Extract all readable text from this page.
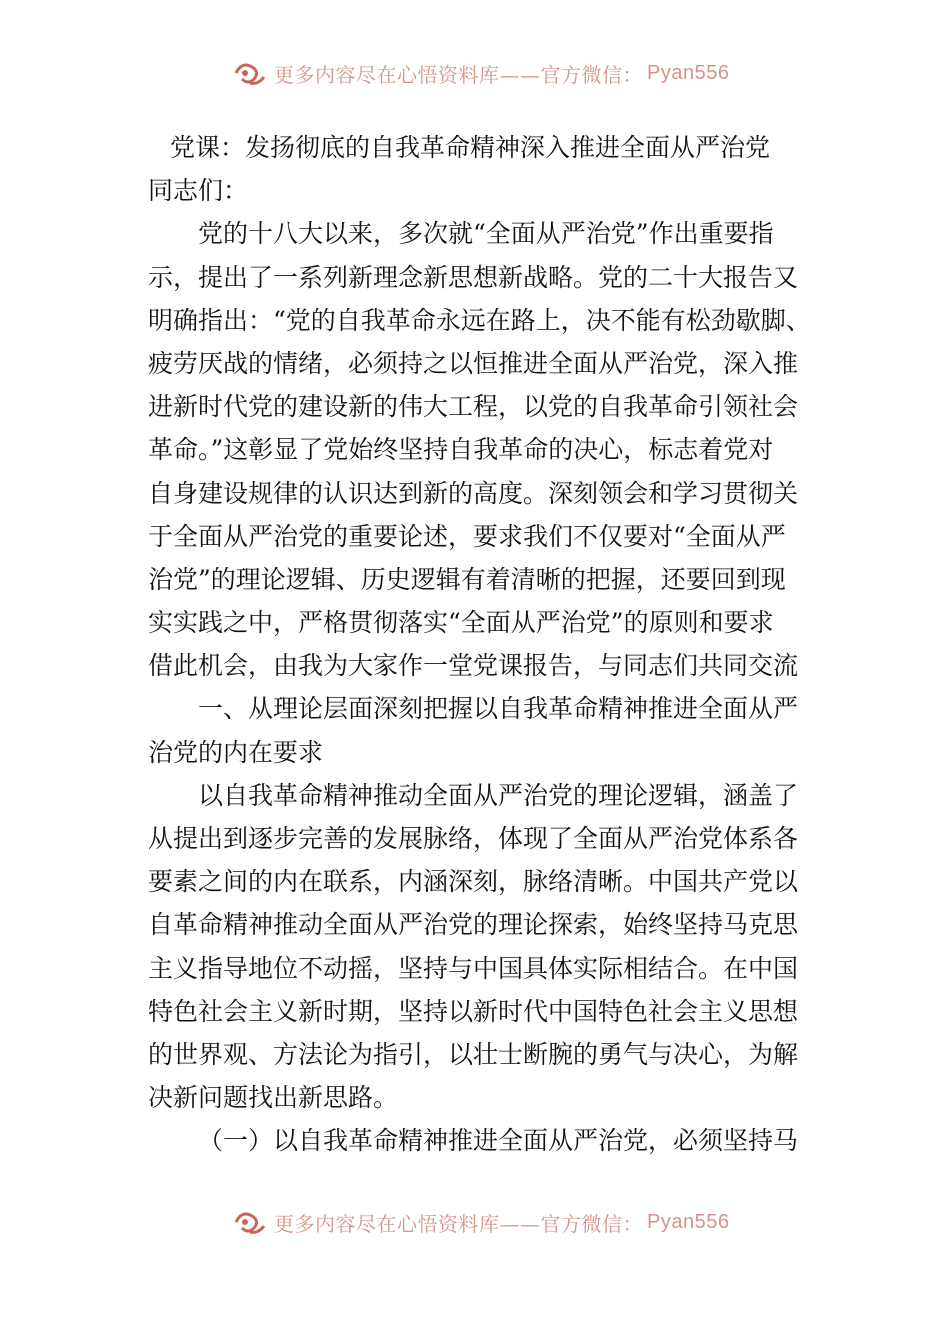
更多内容尽在心悟资料库——官方微信： Pyan556
党课：发扬彻底的自我革命精神深入推进全面从严治党
同志们：
党的十八大以来，多次就“全面从严治党”作出重要指
示，提出了一系列新理念新思想新战略。党的二十大报告又
明确指出：“党的自我革命永远在路上，决不能有松劲歇脚、
疲劳厌战的情绪，必须持之以恒推进全面从严治党，深入推
进新时代党的建设新的伟大工程，以党的自我革命引领社会
革命。”这彰显了党始终坚持自我革命的决心，标志着党对
自身建设规律的认识达到新的高度。深刻领会和学习贯彻关
于全面从严治党的重要论述，要求我们不仅要对“全面从严
治党”的理论逻辑、历史逻辑有着清晰的把握，还要回到现
实实践之中，严格贯彻落实“全面从严治党”的原则和要求
借此机会，由我为大家作一堂党课报告，与同志们共同交流
一、从理论层面深刻把握以自我革命精神推进全面从严
治党的内在要求
以自我革命精神推动全面从严治党的理论逻辑，涵盖了
从提出到逐步完善的发展脉络，体现了全面从严治党体系各
要素之间的内在联系，内涵深刻，脉络清晰。中国共产党以
自革命精神推动全面从严治党的理论探索，始终坚持马克思
主义指导地位不动摇，坚持与中国具体实际相结合。在中国
特色社会主义新时期，坚持以新时代中国特色社会主义思想
的世界观、方法论为指引，以壮士断腕的勇气与决心，为解
决新问题找出新思路。
（一）以自我革命精神推进全面从严治党，必须坚持马
更多内容尽在心悟资料库——官方微信： Pyan556
